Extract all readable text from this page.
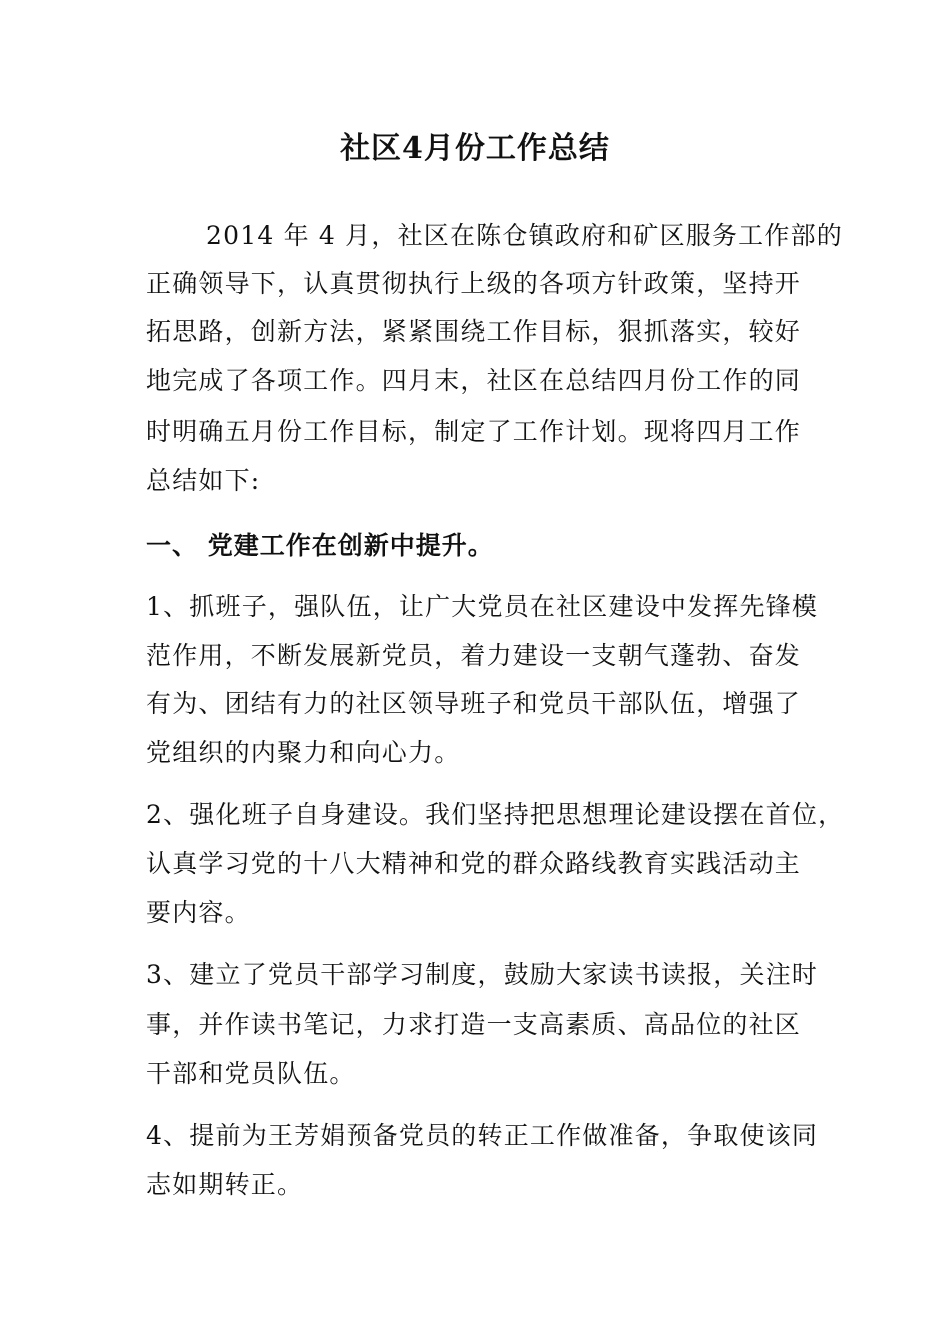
社区4月份工作总结
2014 年 4 月，社区在陈仓镇政府和矿区服务工作部的
正确领导下，认真贯彻执行上级的各项方针政策，坚持开
拓思路，创新方法，紧紧围绕工作目标，狠抓落实，较好
地完成了各项工作。四月末，社区在总结四月份工作的同
时明确五月份工作目标，制定了工作计划。现将四月工作
总结如下:
一、 党建工作在创新中提升。
1、抓班子，强队伍，让广大党员在社区建设中发挥先锋模
范作用，不断发展新党员，着力建设一支朝气蓬勃、奋发
有为、团结有力的社区领导班子和党员干部队伍，增强了
党组织的内聚力和向心力。
2、强化班子自身建设。我们坚持把思想理论建设摆在首位，
认真学习党的十八大精神和党的群众路线教育实践活动主
要内容。
3、建立了党员干部学习制度，鼓励大家读书读报，关注时
事，并作读书笔记，力求打造一支高素质、高品位的社区
干部和党员队伍。
4、提前为王芳娟预备党员的转正工作做准备，争取使该同
志如期转正。
